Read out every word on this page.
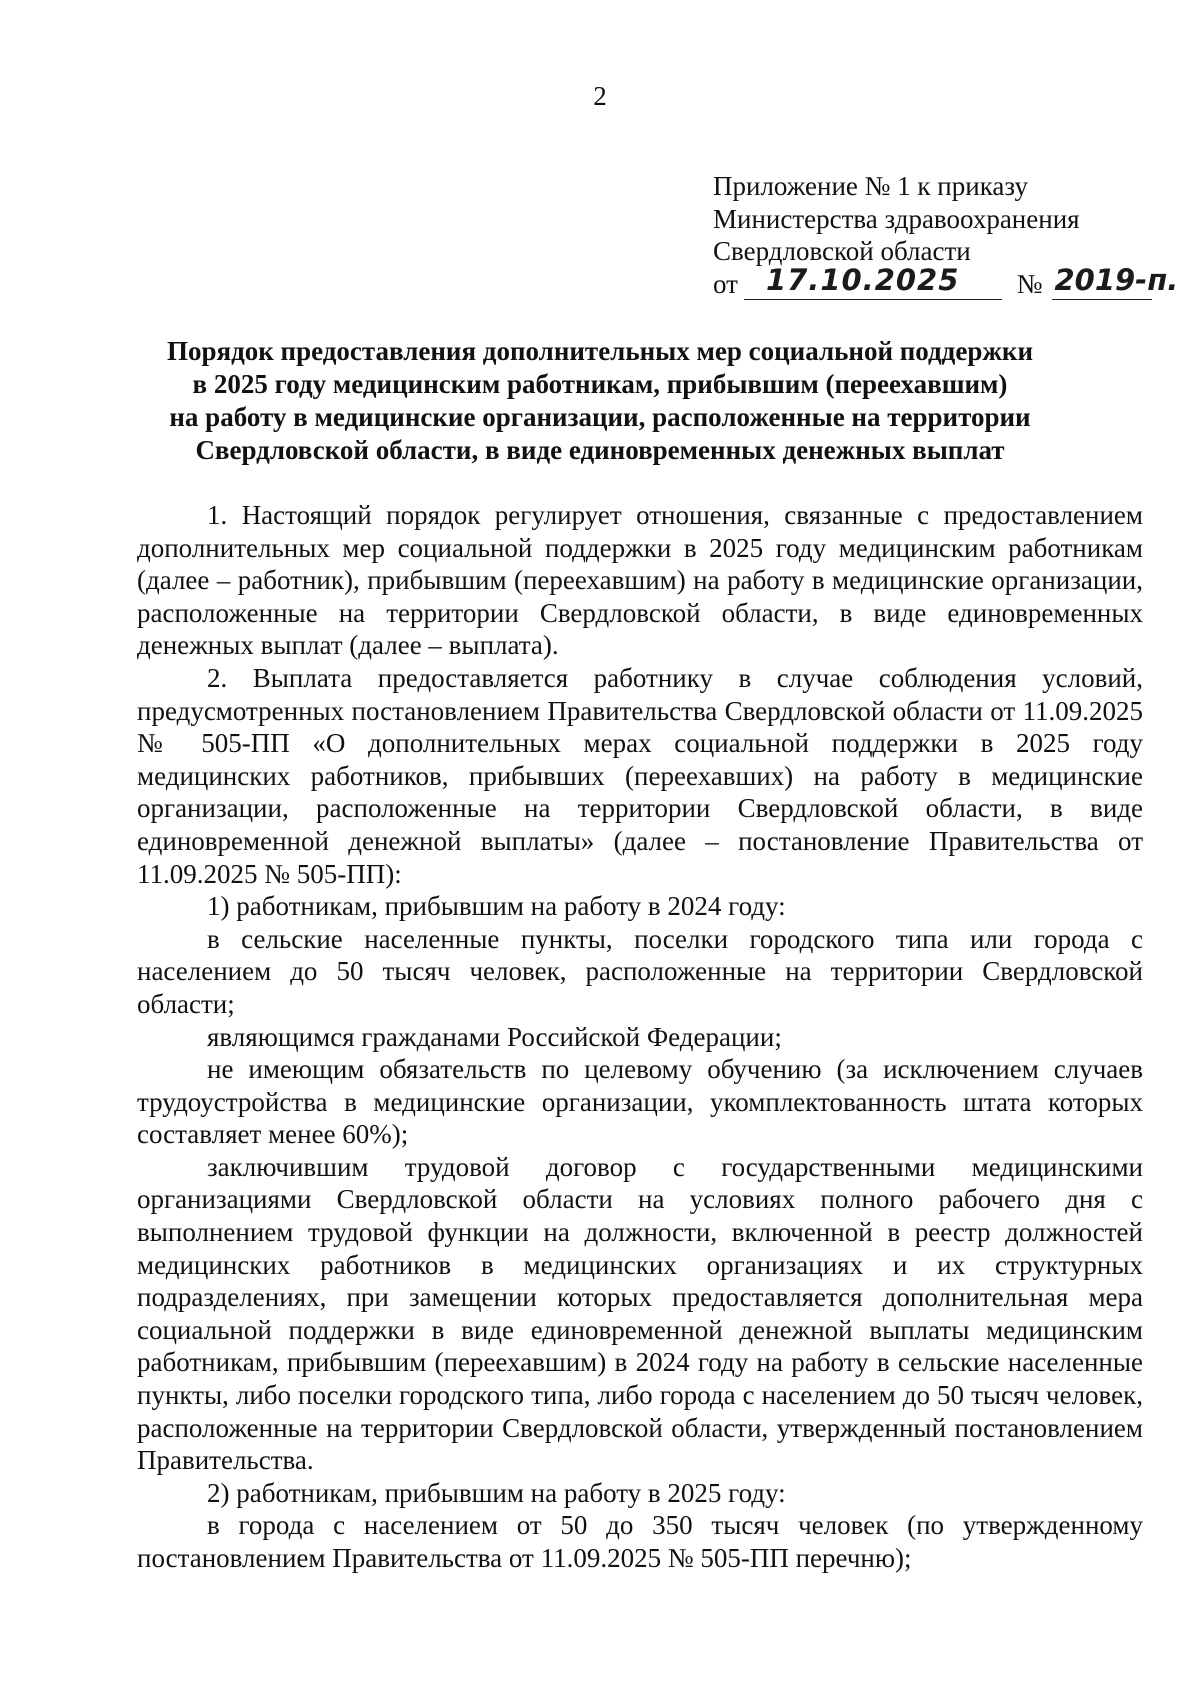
2
Приложение № 1 к приказу
Министерства здравоохранения
Свердловской области
от 17.10.2025 № 2019-п.
Порядок предоставления дополнительных мер социальной поддержки
в 2025 году медицинским работникам, прибывшим (переехавшим)
на работу в медицинские организации, расположенные на территории
Свердловской области, в виде единовременных денежных выплат

1. Настоящий порядок регулирует отношения, связанные с предоставлением дополнительных мер социальной поддержки в 2025 году медицинским работникам (далее – работник), прибывшим (переехавшим) на работу в медицинские организации, расположенные на территории Свердловской области, в виде единовременных денежных выплат (далее – выплата).

2. Выплата предоставляется работнику в случае соблюдения условий, предусмотренных постановлением Правительства Свердловской области от 11.09.2025 № 505-ПП «О дополнительных мерах социальной поддержки в 2025 году медицинских работников, прибывших (переехавших) на работу в медицинские организации, расположенные на территории Свердловской области, в виде единовременной денежной выплаты» (далее – постановление Правительства от 11.09.2025 № 505-ПП):

1) работникам, прибывшим на работу в 2024 году:

в сельские населенные пункты, поселки городского типа или города с населением до 50 тысяч человек, расположенные на территории Свердловской области;

являющимся гражданами Российской Федерации;

не имеющим обязательств по целевому обучению (за исключением случаев трудоустройства в медицинские организации, укомплектованность штата которых составляет менее 60%);

заключившим трудовой договор с государственными медицинскими организациями Свердловской области на условиях полного рабочего дня с выполнением трудовой функции на должности, включенной в реестр должностей медицинских работников в медицинских организациях и их структурных подразделениях, при замещении которых предоставляется дополнительная мера социальной поддержки в виде единовременной денежной выплаты медицинским работникам, прибывшим (переехавшим) в 2024 году на работу в сельские населенные пункты, либо поселки городского типа, либо города с населением до 50 тысяч человек, расположенные на территории Свердловской области, утвержденный постановлением Правительства.

2) работникам, прибывшим на работу в 2025 году:

в города с населением от 50 до 350 тысяч человек (по утвержденному постановлением Правительства от 11.09.2025 № 505-ПП перечню);
